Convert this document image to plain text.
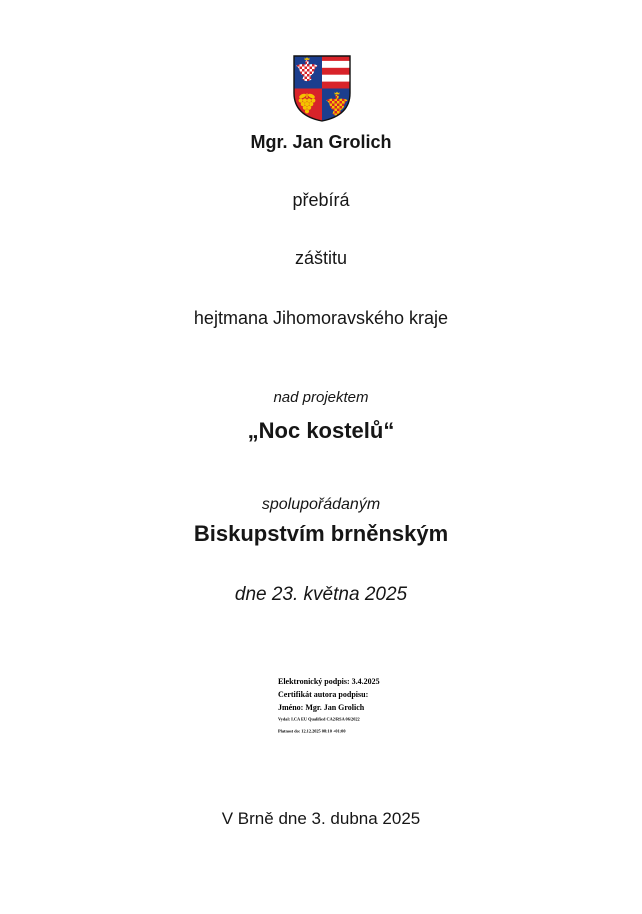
Mgr. Jan Grolich
přebírá
záštitu
hejtmana Jihomoravského kraje
nad projektem
„Noc kostelů“
spolupořádaným
Biskupstvím brněnským
dne 23. května 2025
Elektronický podpis: 3.4.2025
Certifikát autora podpisu:
Jméno: Mgr. Jan Grolich
Vydal: I.CA EU Qualified CA2/RSA 06/2022
Platnost do: 12.12.2025 08:10 +01:00
V Brně dne 3. dubna 2025
